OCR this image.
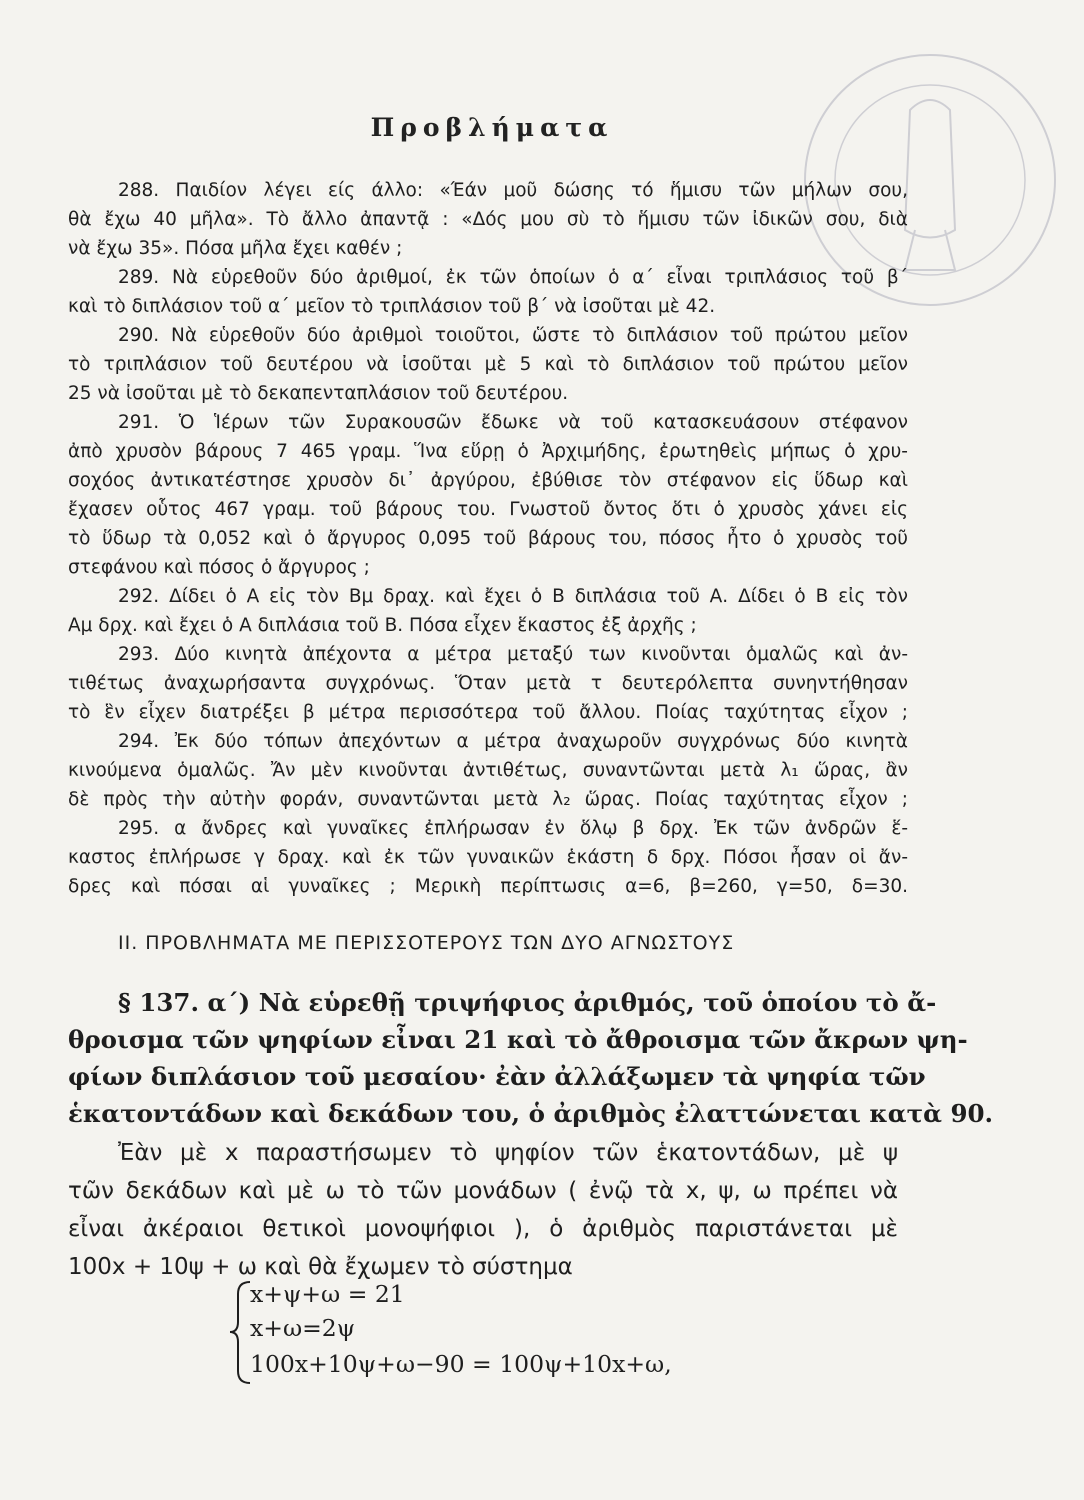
Προβλήματα
288. Παιδίον λέγει είς άλλο: «Έάν μοῦ δώσης τό ἥμισυ τῶν μήλων σου,
θὰ ἔχω 40 μῆλα». Τὸ ἄλλο ἀπαντᾷ : «Δός μου σὺ τὸ ἥμισυ τῶν ἰδικῶν σου, διὰ
νὰ ἔχω 35». Πόσα μῆλα ἔχει καθέν ;
289. Νὰ εὑρεθοῦν δύο ἀριθμοί, ἐκ τῶν ὁποίων ὁ α΄ εἶναι τριπλάσιος τοῦ β΄
καὶ τὸ διπλάσιον τοῦ α΄ μεῖον τὸ τριπλάσιον τοῦ β΄ νὰ ἰσοῦται μὲ 42.
290. Νὰ εὑρεθοῦν δύο ἀριθμοὶ τοιοῦτοι, ὥστε τὸ διπλάσιον τοῦ πρώτου μεῖον
τὸ τριπλάσιον τοῦ δευτέρου νὰ ἰσοῦται μὲ 5 καὶ τὸ διπλάσιον τοῦ πρώτου μεῖον
25 νὰ ἰσοῦται μὲ τὸ δεκαπενταπλάσιον τοῦ δευτέρου.
291. Ὁ Ἱέρων τῶν Συρακουσῶν ἔδωκε νὰ τοῦ κατασκευάσουν στέφανον
ἀπὸ χρυσὸν βάρους 7 465 γραμ. Ἵνα εὕρῃ ὁ Ἀρχιμήδης, ἐρωτηθεὶς μήπως ὁ χρυ-
σοχόος ἀντικατέστησε χρυσὸν δι᾽ ἀργύρου, ἐβύθισε τὸν στέφανον εἰς ὕδωρ καὶ
ἔχασεν οὗτος 467 γραμ. τοῦ βάρους του. Γνωστοῦ ὄντος ὅτι ὁ χρυσὸς χάνει εἰς
τὸ ὕδωρ τὰ 0,052 καὶ ὁ ἄργυρος 0,095 τοῦ βάρους του, πόσος ἦτο ὁ χρυσὸς τοῦ
στεφάνου καὶ πόσος ὁ ἄργυρος ;
292. Δίδει ὁ Α εἰς τὸν Βμ δραχ. καὶ ἔχει ὁ Β διπλάσια τοῦ Α. Δίδει ὁ Β εἰς τὸν
Αμ δρχ. καὶ ἔχει ὁ Α διπλάσια τοῦ Β. Πόσα εἶχεν ἕκαστος ἐξ ἀρχῆς ;
293. Δύο κινητὰ ἀπέχοντα α μέτρα μεταξύ των κινοῦνται ὁμαλῶς καὶ ἀν-
τιθέτως ἀναχωρήσαντα συγχρόνως. Ὅταν μετὰ τ δευτερόλεπτα συνηντήθησαν
τὸ ἓν εἶχεν διατρέξει β μέτρα περισσότερα τοῦ ἄλλου. Ποίας ταχύτητας εἶχον ;
294. Ἐκ δύο τόπων ἀπεχόντων α μέτρα ἀναχωροῦν συγχρόνως δύο κινητὰ
κινούμενα ὁμαλῶς. Ἄν μὲν κινοῦνται ἀντιθέτως, συναντῶνται μετὰ λ₁ ὥρας, ἂν
δὲ πρὸς τὴν αὐτὴν φοράν, συναντῶνται μετὰ λ₂ ὥρας. Ποίας ταχύτητας εἶχον ;
295. α ἄνδρες καὶ γυναῖκες ἐπλήρωσαν ἐν ὅλῳ β δρχ. Ἐκ τῶν ἀνδρῶν ἕ-
καστος ἐπλήρωσε γ δραχ. καὶ ἐκ τῶν γυναικῶν ἑκάστη δ δρχ. Πόσοι ἦσαν οἱ ἄν-
δρες καὶ πόσαι αἱ γυναῖκες ; Μερικὴ περίπτωσις α=6, β=260, γ=50, δ=30.
II. ΠΡΟΒΛΗΜΑΤΑ ΜΕ ΠΕΡΙΣΣΟΤΕΡΟΥΣ ΤΩΝ ΔΥΟ ΑΓΝΩΣΤΟΥΣ
§ 137. α΄) Νὰ εὑρεθῇ τριψήφιος ἀριθμός, τοῦ ὁποίου τὸ ἄ-
θροισμα τῶν ψηφίων εἶναι 21 καὶ τὸ ἄθροισμα τῶν ἄκρων ψη-
φίων διπλάσιον τοῦ μεσαίου· ἐὰν ἀλλάξωμεν τὰ ψηφία τῶν
ἑκατοντάδων καὶ δεκάδων του, ὁ ἀριθμὸς ἐλαττώνεται κατὰ 90.
Ἐὰν μὲ x παραστήσωμεν τὸ ψηφίον τῶν ἑκατοντάδων, μὲ ψ
τῶν δεκάδων καὶ μὲ ω τὸ τῶν μονάδων ( ἐνῷ τὰ x, ψ, ω πρέπει νὰ
εἶναι ἀκέραιοι θετικοὶ μονοψήφιοι ), ὁ ἀριθμὸς παριστάνεται μὲ
100x + 10ψ + ω καὶ θὰ ἔχωμεν τὸ σύστημα
x+ψ+ω = 21
x+ω=2ψ
100x+10ψ+ω−90 = 100ψ+10x+ω,
